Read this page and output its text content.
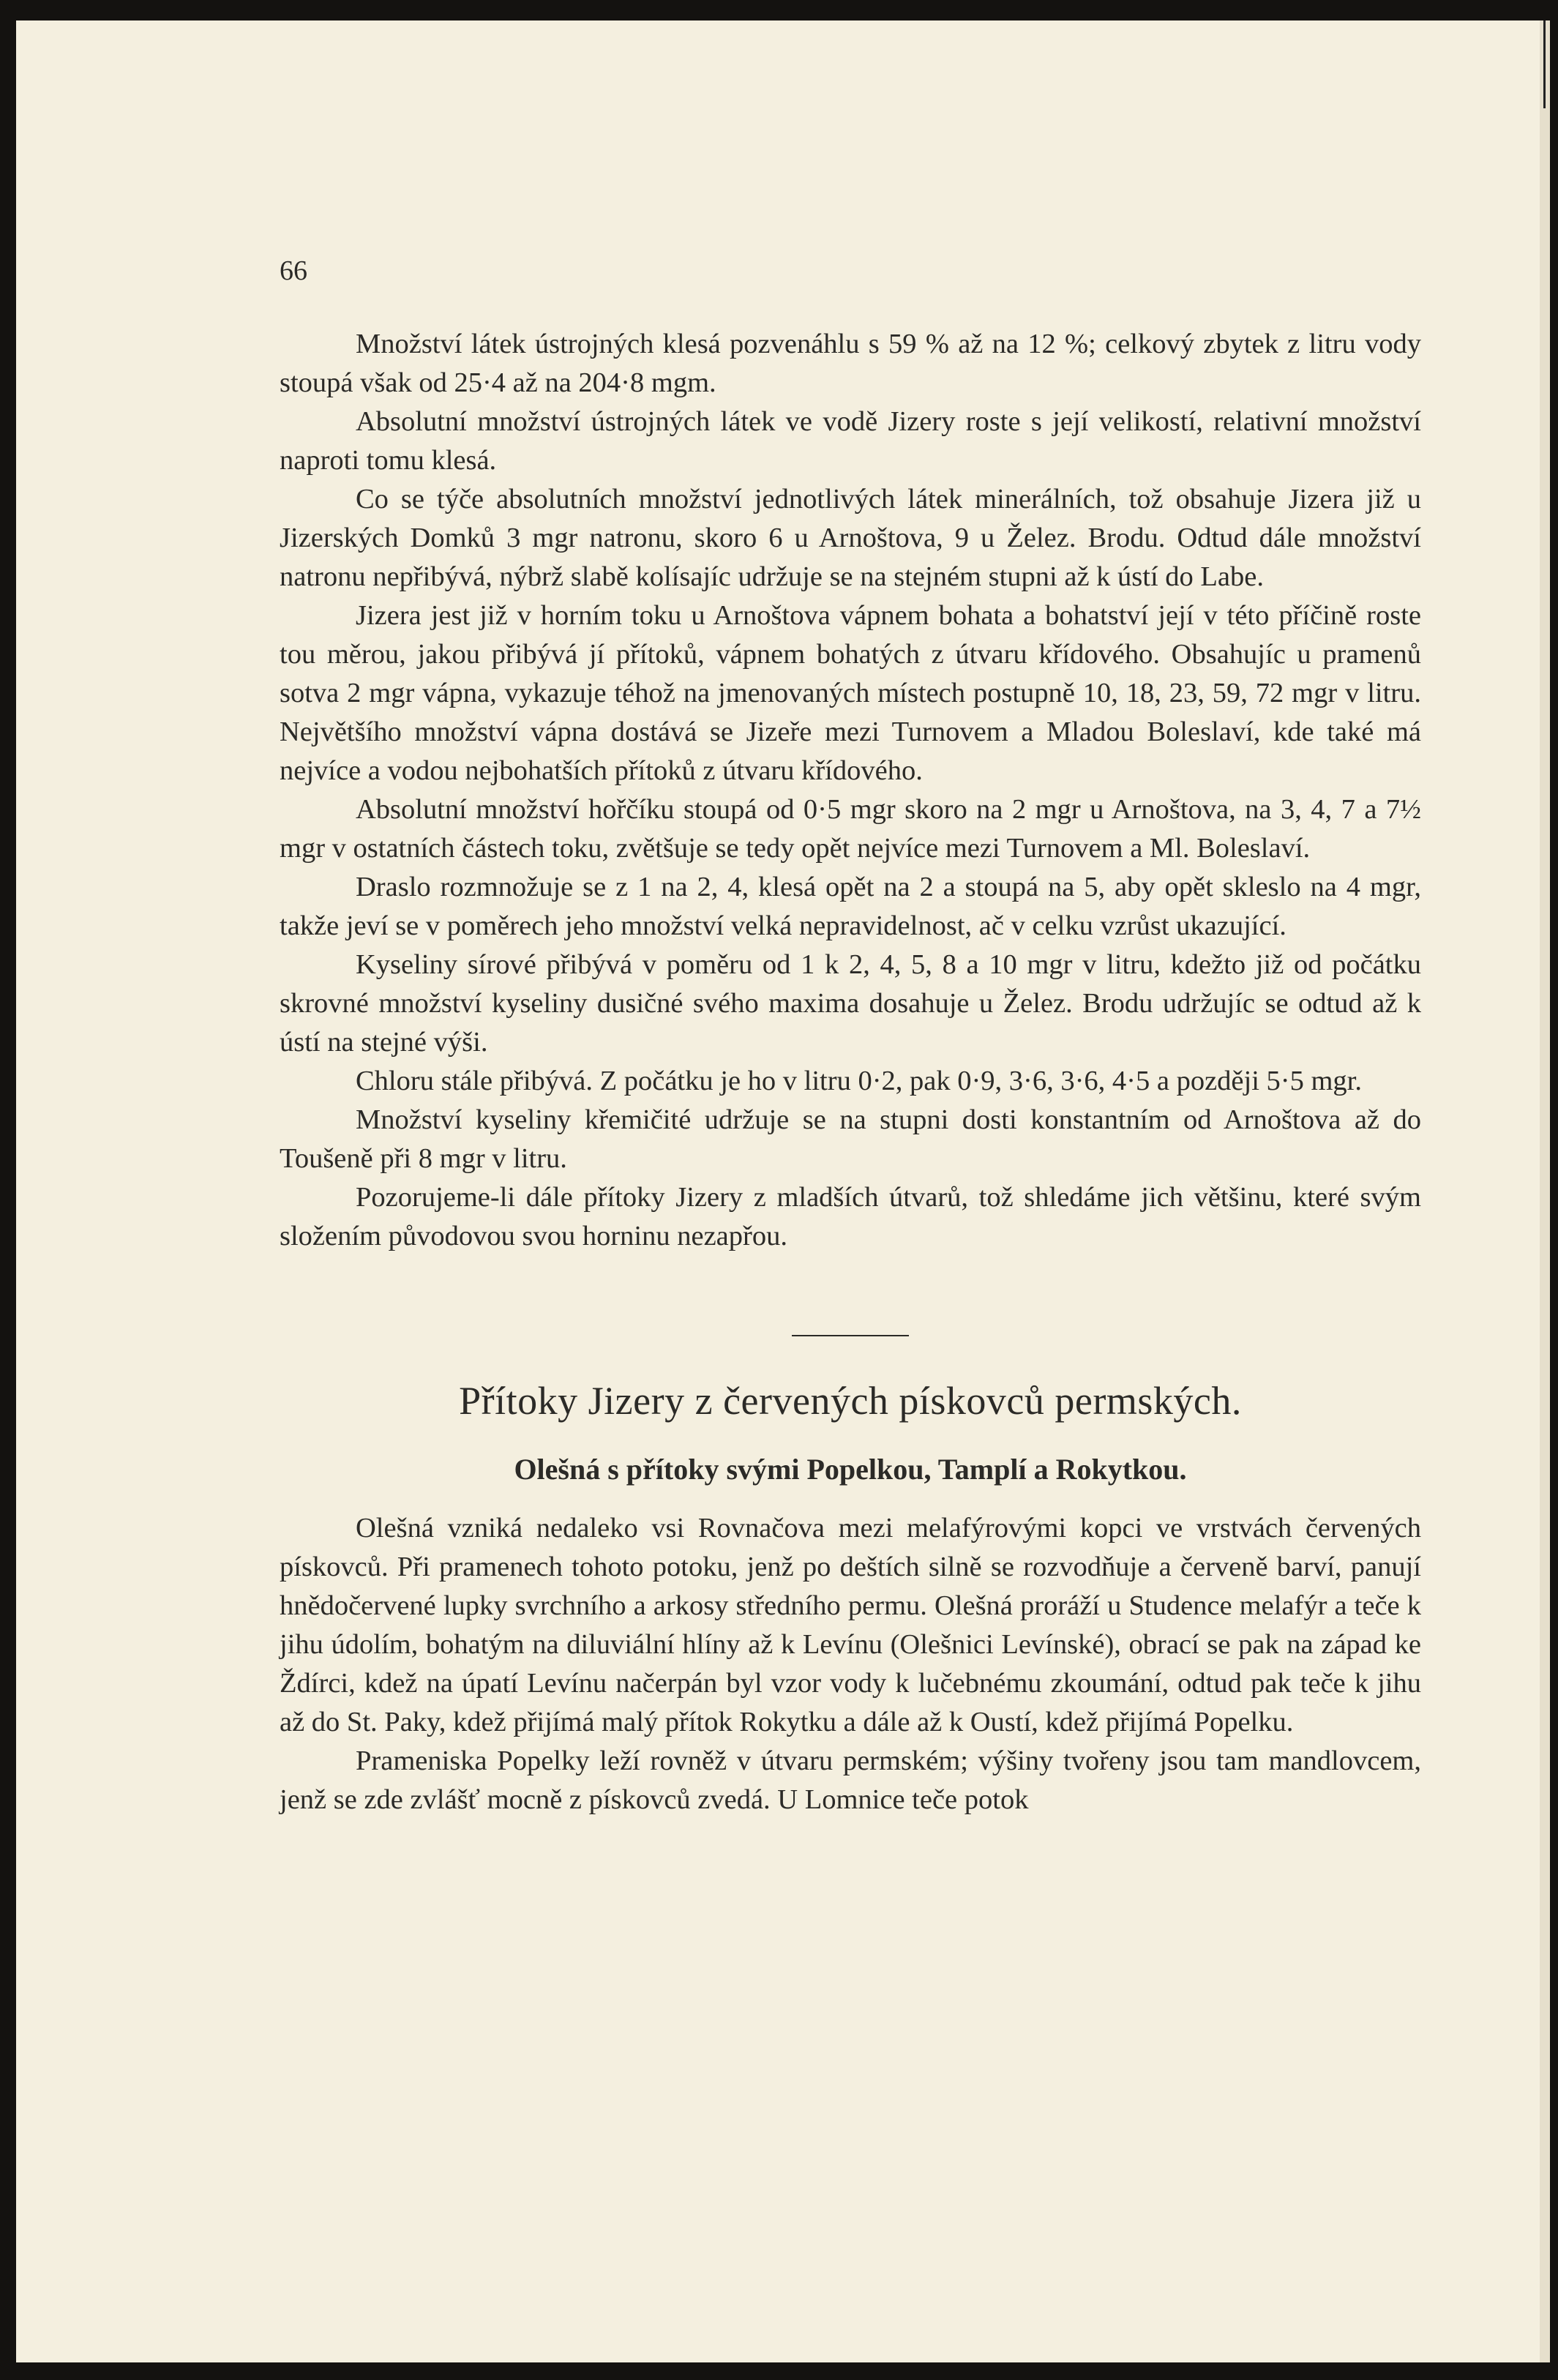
66

Množství látek ústrojných klesá pozvenáhlu s 59 % až na 12 %; celkový zbytek z litru vody stoupá však od 25·4 až na 204·8 mgm.

Absolutní množství ústrojných látek ve vodě Jizery roste s její velikostí, relativní množství naproti tomu klesá.

Co se týče absolutních množství jednotlivých látek minerálních, tož obsahuje Jizera již u Jizerských Domků 3 mgr natronu, skoro 6 u Arnoštova, 9 u Želez. Brodu. Odtud dále množství natronu nepřibývá, nýbrž slabě kolísajíc udržuje se na stejném stupni až k ústí do Labe.

Jizera jest již v horním toku u Arnoštova vápnem bohata a bohatství její v této příčině roste tou měrou, jakou přibývá jí přítoků, vápnem bohatých z útvaru křídového. Obsahujíc u pramenů sotva 2 mgr vápna, vykazuje téhož na jmenovaných místech postupně 10, 18, 23, 59, 72 mgr v litru. Největšího množství vápna dostává se Jizeře mezi Turnovem a Mladou Boleslaví, kde také má nejvíce a vodou nejbohatších přítoků z útvaru křídového.

Absolutní množství hořčíku stoupá od 0·5 mgr skoro na 2 mgr u Arnoštova, na 3, 4, 7 a 7½ mgr v ostatních částech toku, zvětšuje se tedy opět nejvíce mezi Turnovem a Ml. Boleslaví.

Draslo rozmnožuje se z 1 na 2, 4, klesá opět na 2 a stoupá na 5, aby opět skleslo na 4 mgr, takže jeví se v poměrech jeho množství velká nepravidelnost, ač v celku vzrůst ukazující.

Kyseliny sírové přibývá v poměru od 1 k 2, 4, 5, 8 a 10 mgr v litru, kdežto již od počátku skrovné množství kyseliny dusičné svého maxima dosahuje u Želez. Brodu udržujíc se odtud až k ústí na stejné výši.

Chloru stále přibývá. Z počátku je ho v litru 0·2, pak 0·9, 3·6, 3·6, 4·5 a později 5·5 mgr.

Množství kyseliny křemičité udržuje se na stupni dosti konstantním od Arnoštova až do Toušeně při 8 mgr v litru.

Pozorujeme-li dále přítoky Jizery z mladších útvarů, tož shledáme jich většinu, které svým složením původovou svou horninu nezapřou.

Přítoky Jizery z červených pískovců permských.
Olešná s přítoky svými Popelkou, Tamplí a Rokytkou.

Olešná vzniká nedaleko vsi Rovnačova mezi melafýrovými kopci ve vrstvách červených pískovců. Při pramenech tohoto potoku, jenž po deštích silně se rozvodňuje a červeně barví, panují hnědočervené lupky svrchního a arkosy středního permu. Olešná proráží u Studence melafýr a teče k jihu údolím, bohatým na diluviální hlíny až k Levínu (Olešnici Levínské), obrací se pak na západ ke Ždírci, kdež na úpatí Levínu načerpán byl vzor vody k lučebnému zkoumání, odtud pak teče k jihu až do St. Paky, kdež přijímá malý přítok Rokytku a dále až k Oustí, kdež přijímá Popelku.

Prameniska Popelky leží rovněž v útvaru permském; výšiny tvořeny jsou tam mandlovcem, jenž se zde zvlášť mocně z pískovců zvedá. U Lomnice teče potok
